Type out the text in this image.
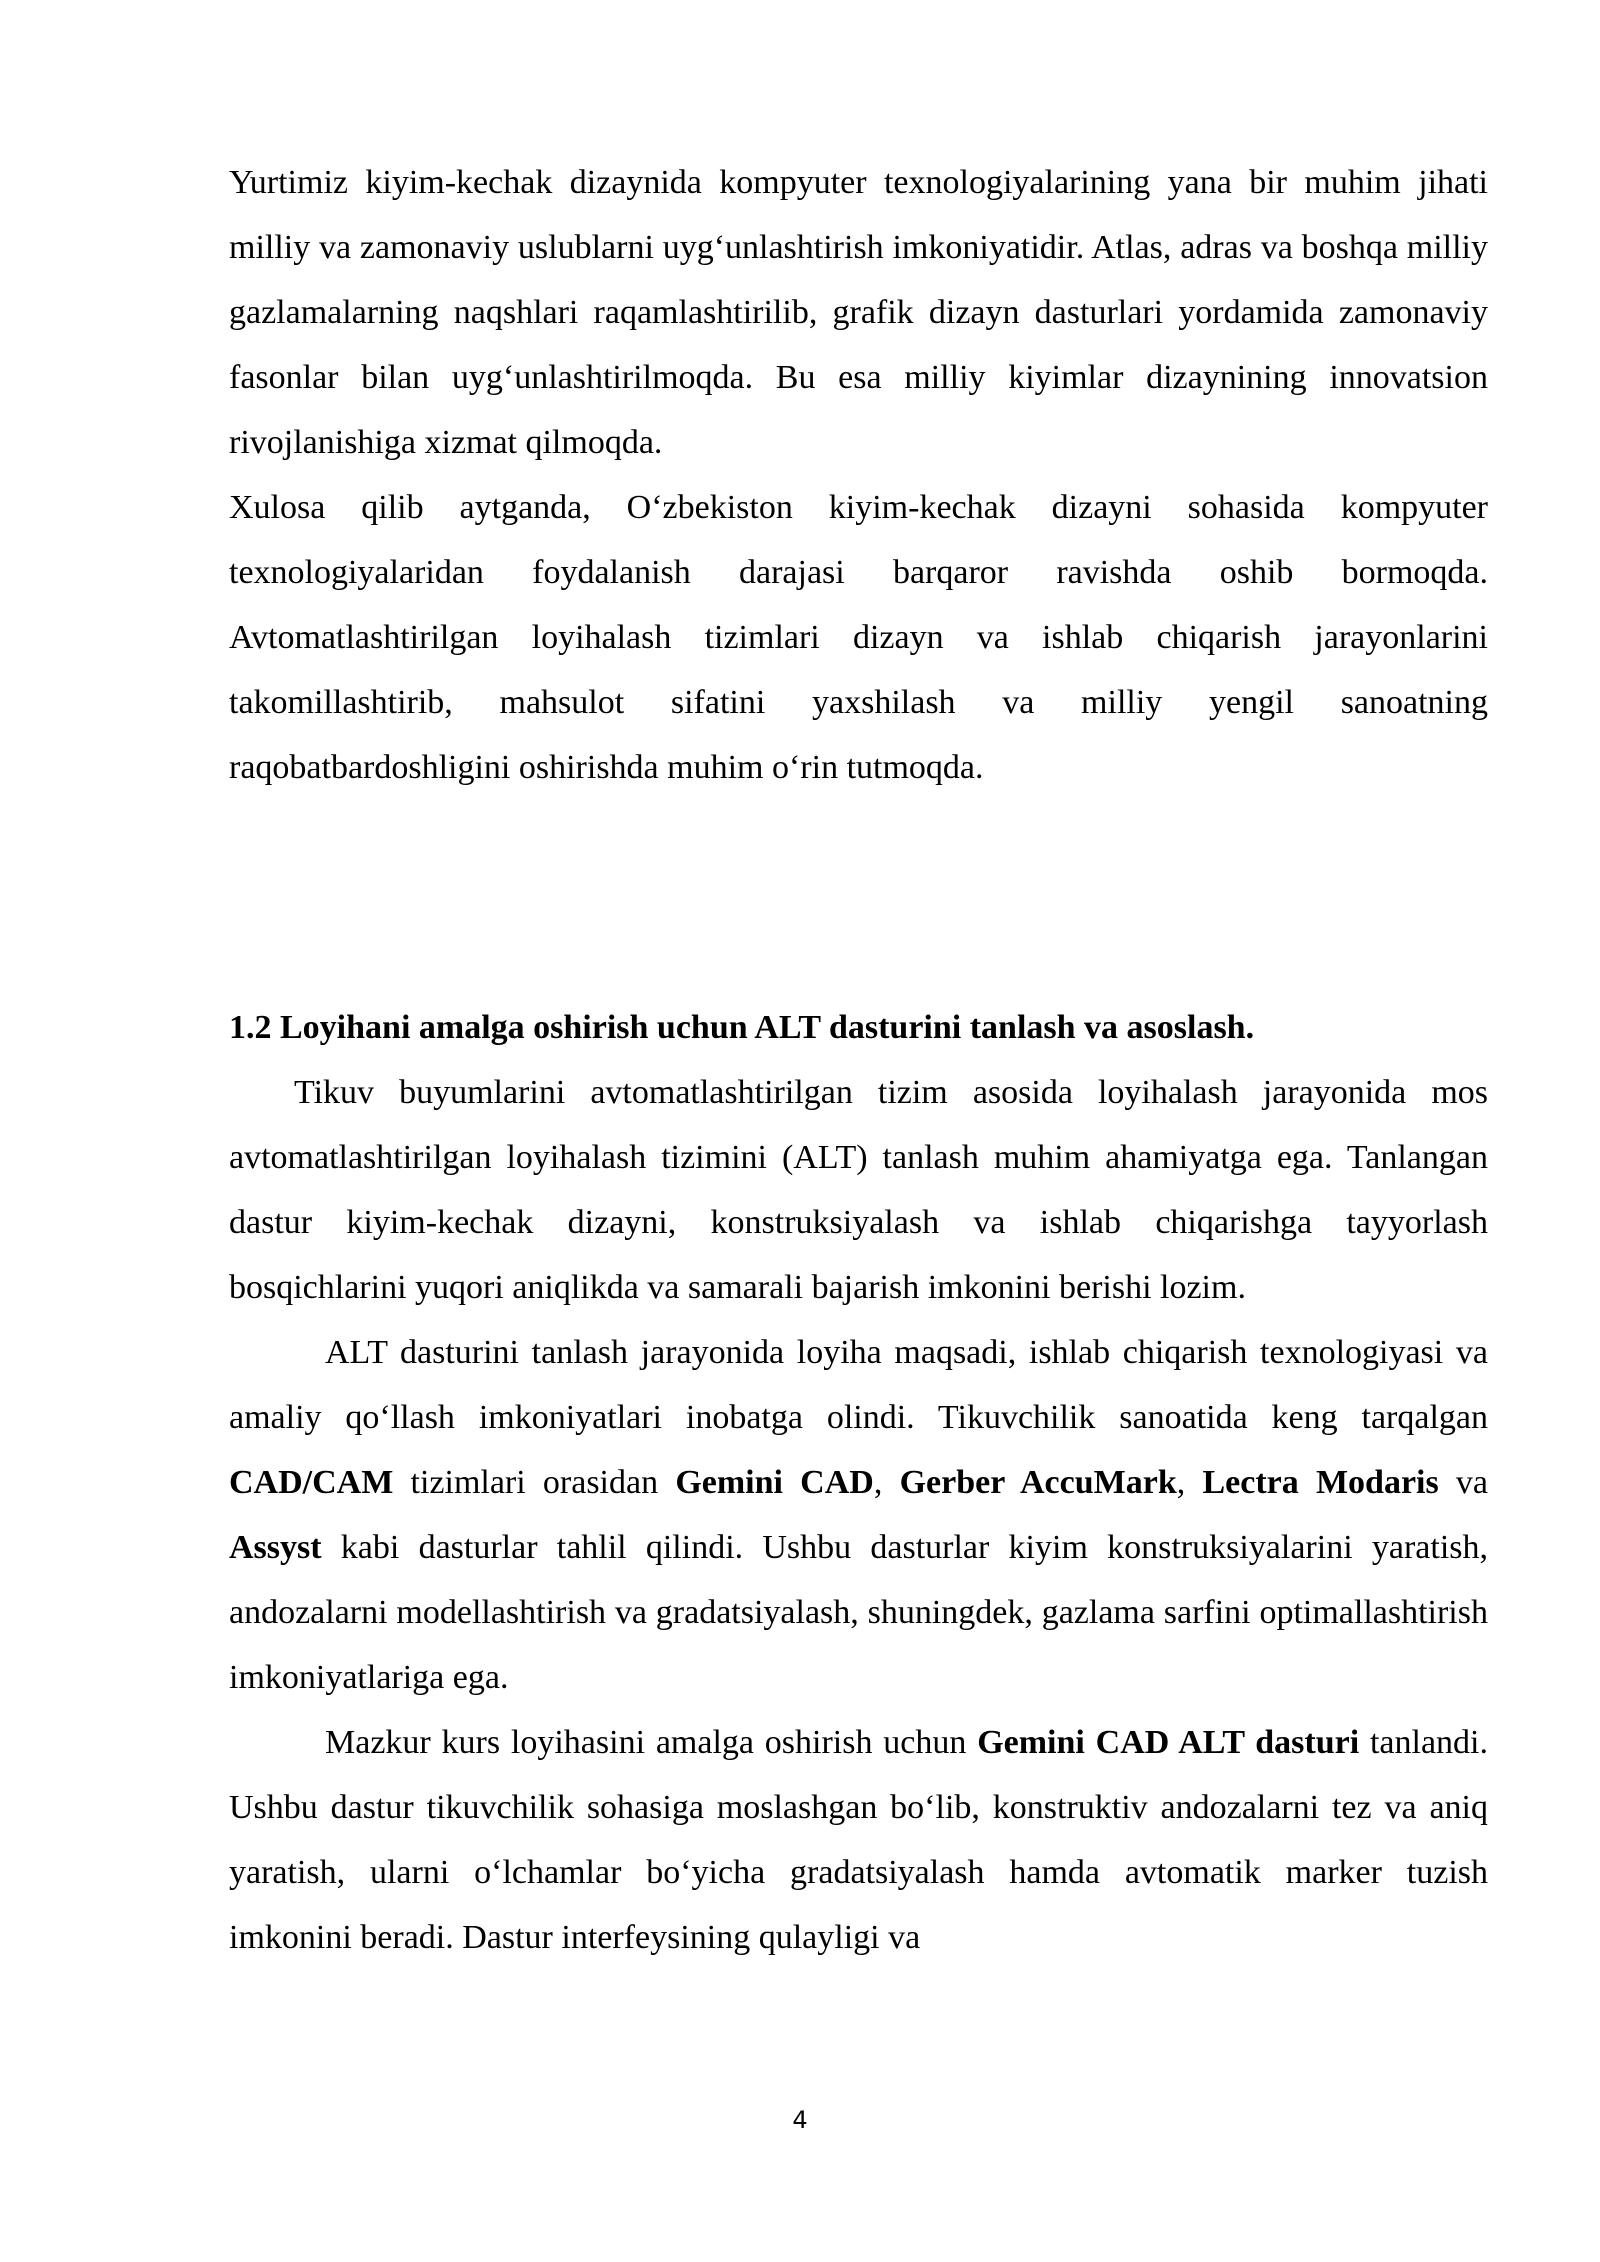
Yurtimiz kiyim-kechak dizaynida kompyuter texnologiyalarining yana bir muhim jihati milliy va zamonaviy uslublarni uyg‘unlashtirish imkoniyatidir. Atlas, adras va boshqa milliy gazlamalarning naqshlari raqamlashtirilib, grafik dizayn dasturlari yordamida zamonaviy fasonlar bilan uyg‘unlashtirilmoqda. Bu esa milliy kiyimlar dizaynining innovatsion rivojlanishiga xizmat qilmoqda.

Xulosa qilib aytganda, O‘zbekiston kiyim-kechak dizayni sohasida kompyuter texnologiyalaridan foydalanish darajasi barqaror ravishda oshib bormoqda. Avtomatlashtirilgan loyihalash tizimlari dizayn va ishlab chiqarish jarayonlarini takomillashtirib, mahsulot sifatini yaxshilash va milliy yengil sanoatning raqobatbardoshligini oshirishda muhim o‘rin tutmoqda.

1.2 Loyihani amalga oshirish uchun ALT dasturini tanlash va asoslash.

Tikuv buyumlarini avtomatlashtirilgan tizim asosida loyihalash jarayonida mos avtomatlashtirilgan loyihalash tizimini (ALT) tanlash muhim ahamiyatga ega. Tanlangan dastur kiyim-kechak dizayni, konstruksiyalash va ishlab chiqarishga tayyorlash bosqichlarini yuqori aniqlikda va samarali bajarish imkonini berishi lozim.

ALT dasturini tanlash jarayonida loyiha maqsadi, ishlab chiqarish texnologiyasi va amaliy qo‘llash imkoniyatlari inobatga olindi. Tikuvchilik sanoatida keng tarqalgan CAD/CAM tizimlari orasidan Gemini CAD, Gerber AccuMark, Lectra Modaris va Assyst kabi dasturlar tahlil qilindi. Ushbu dasturlar kiyim konstruksiyalarini yaratish, andozalarni modellashtirish va gradatsiyalash, shuningdek, gazlama sarfini optimallashtirish imkoniyatlariga ega.

Mazkur kurs loyihasini amalga oshirish uchun Gemini CAD ALT dasturi tanlandi. Ushbu dastur tikuvchilik sohasiga moslashgan bo‘lib, konstruktiv andozalarni tez va aniq yaratish, ularni o‘lchamlar bo‘yicha gradatsiyalash hamda avtomatik marker tuzish imkonini beradi. Dastur interfeysining qulayligi va

4
